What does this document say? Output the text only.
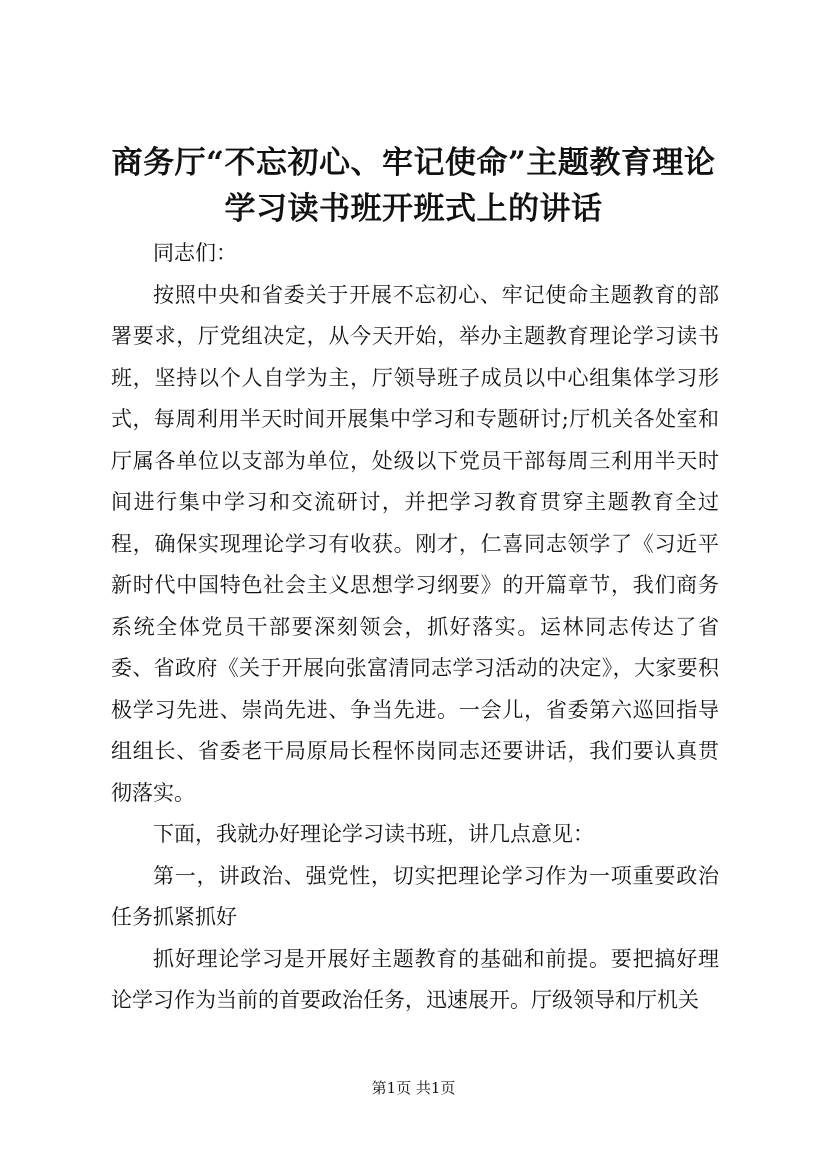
商务厅“不忘初心、牢记使命”主题教育理论
学习读书班开班式上的讲话

同志们：

按照中央和省委关于开展不忘初心、牢记使命主题教育的部署要求，厅党组决定，从今天开始，举办主题教育理论学习读书班，坚持以个人自学为主，厅领导班子成员以中心组集体学习形式，每周利用半天时间开展集中学习和专题研讨;厅机关各处室和厅属各单位以支部为单位，处级以下党员干部每周三利用半天时间进行集中学习和交流研讨，并把学习教育贯穿主题教育全过程，确保实现理论学习有收获。刚才，仁喜同志领学了《习近平新时代中国特色社会主义思想学习纲要》的开篇章节，我们商务系统全体党员干部要深刻领会，抓好落实。运林同志传达了省委、省政府《关于开展向张富清同志学习活动的决定》，大家要积极学习先进、崇尚先进、争当先进。一会儿，省委第六巡回指导组组长、省委老干局原局长程怀岗同志还要讲话，我们要认真贯彻落实。

下面，我就办好理论学习读书班，讲几点意见：

第一，讲政治、强党性，切实把理论学习作为一项重要政治任务抓紧抓好

抓好理论学习是开展好主题教育的基础和前提。要把搞好理论学习作为当前的首要政治任务，迅速展开。厅级领导和厅机关

第1页 共1页
